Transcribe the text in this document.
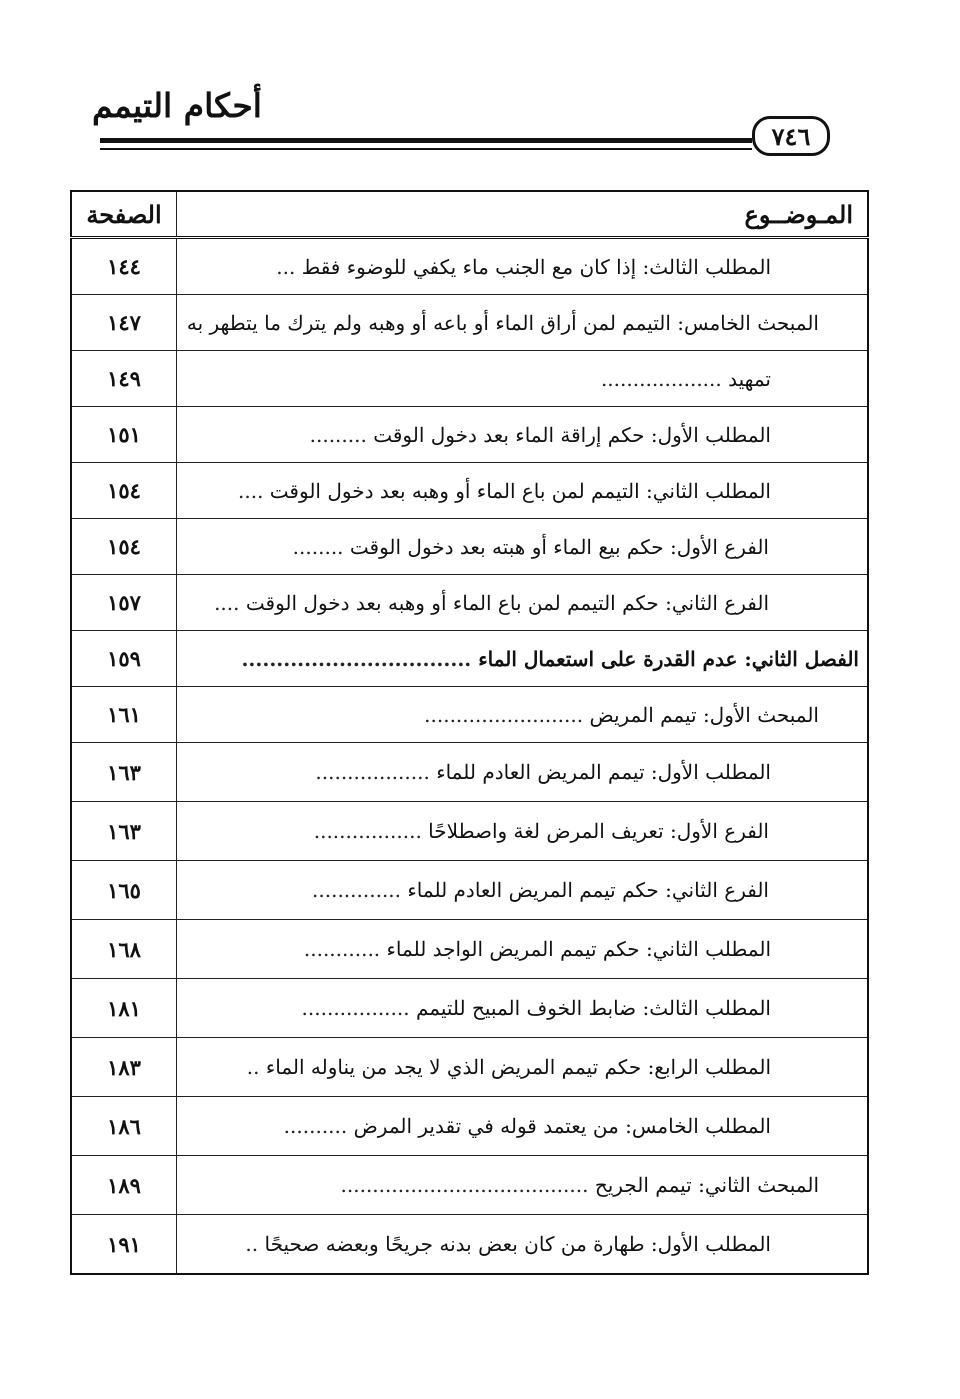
أحكام التيمم
٧٤٦
المـوضــوع	الصفحة
المطلب الثالث: إذا كان مع الجنب ماء يكفي للوضوء فقط ...	١٤٤
المبحث الخامس: التيمم لمن أراق الماء أو باعه أو وهبه ولم يترك ما يتطهر به	١٤٧
تمهيد ...................	١٤٩
المطلب الأول: حكم إراقة الماء بعد دخول الوقت .........	١٥١
المطلب الثاني: التيمم لمن باع الماء أو وهبه بعد دخول الوقت ....	١٥٤
الفرع الأول: حكم بيع الماء أو هبته بعد دخول الوقت ........	١٥٤
الفرع الثاني: حكم التيمم لمن باع الماء أو وهبه بعد دخول الوقت ....	١٥٧
الفصل الثاني: عدم القدرة على استعمال الماء .................................	١٥٩
المبحث الأول: تيمم المريض .........................	١٦١
المطلب الأول: تيمم المريض العادم للماء ..................	١٦٣
الفرع الأول: تعريف المرض لغة واصطلاحًا .................	١٦٣
الفرع الثاني: حكم تيمم المريض العادم للماء ..............	١٦٥
المطلب الثاني: حكم تيمم المريض الواجد للماء ............	١٦٨
المطلب الثالث: ضابط الخوف المبيح للتيمم .................	١٨١
المطلب الرابع: حكم تيمم المريض الذي لا يجد من يناوله الماء ..	١٨٣
المطلب الخامس: من يعتمد قوله في تقدير المرض ..........	١٨٦
المبحث الثاني: تيمم الجريح .......................................	١٨٩
المطلب الأول: طهارة من كان بعض بدنه جريحًا وبعضه صحيحًا ..	١٩١
